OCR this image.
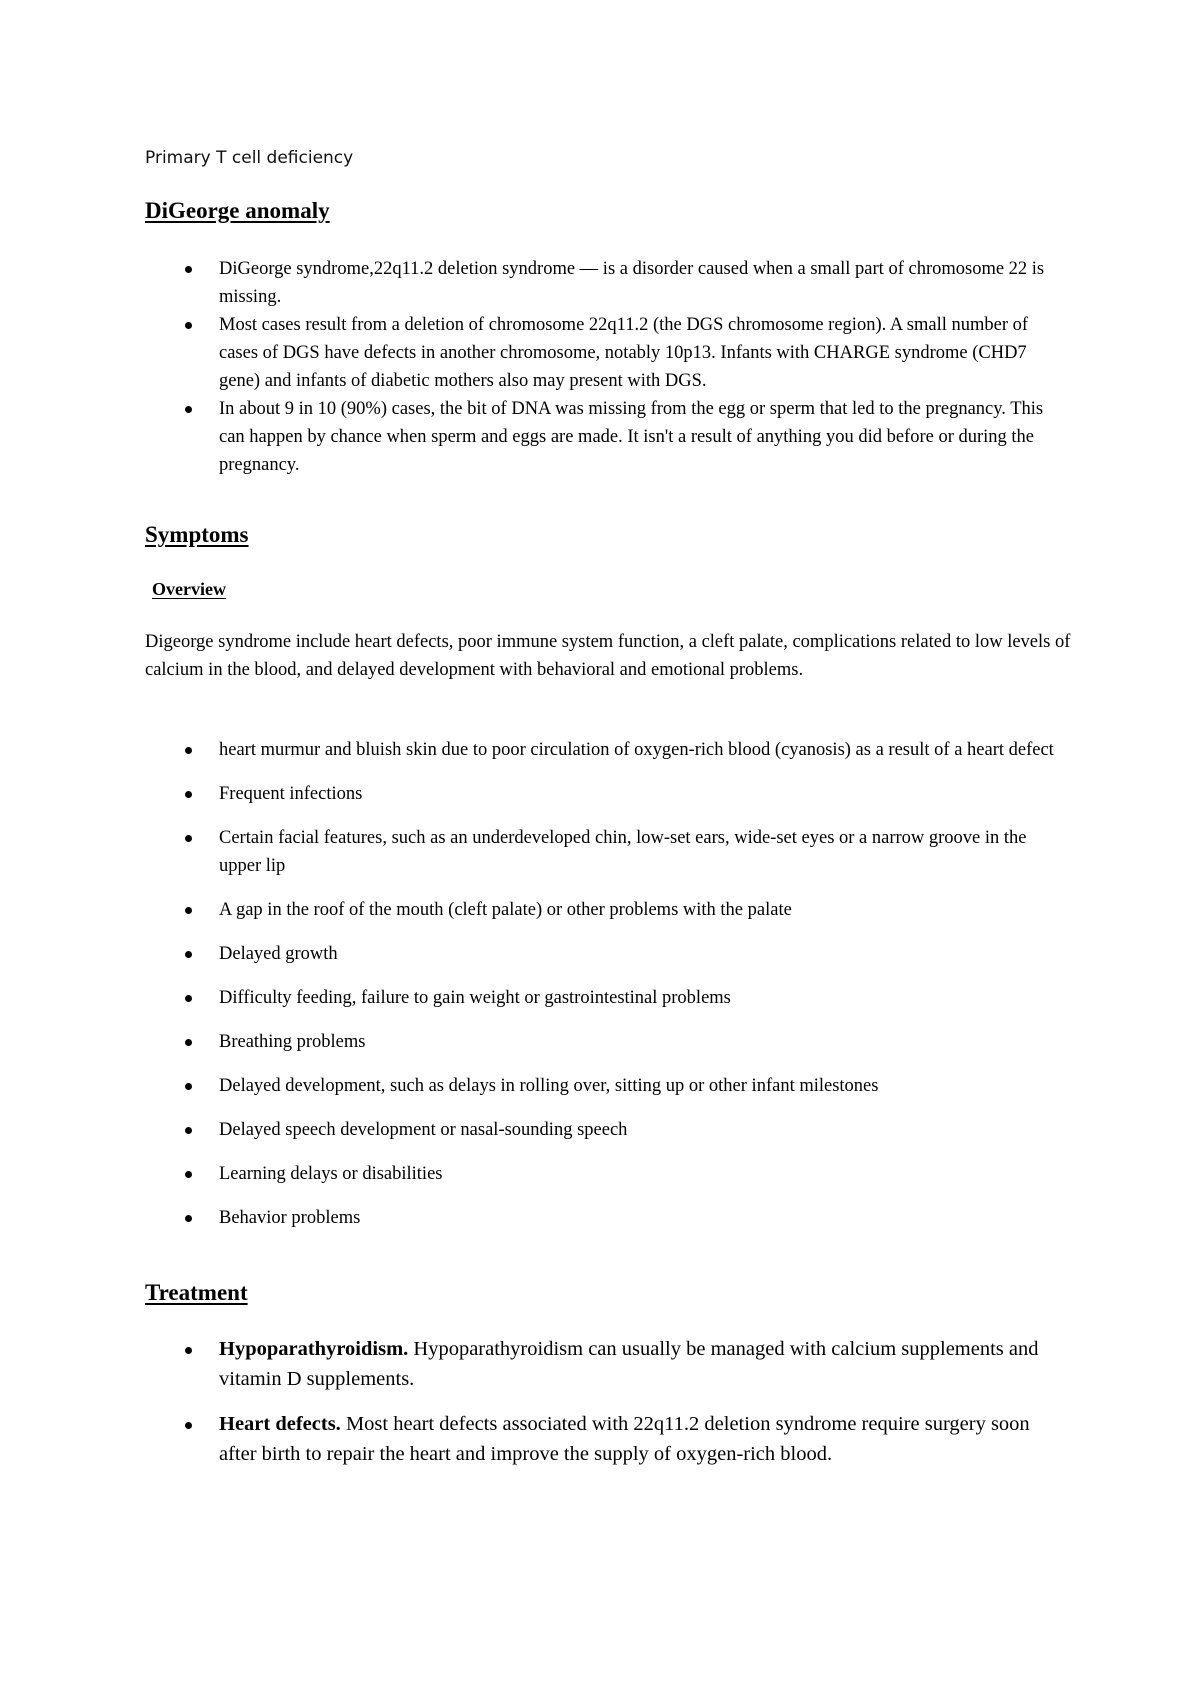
Primary T cell deficiency

DiGeorge anomaly
DiGeorge syndrome,22q11.2 deletion syndrome — is a disorder caused when a small part of chromosome 22 is missing.
Most cases result from a deletion of chromosome 22q11.2 (the DGS chromosome region). A small number of cases of DGS have defects in another chromosome, notably 10p13. Infants with CHARGE syndrome (CHD7 gene) and infants of diabetic mothers also may present with DGS.
In about 9 in 10 (90%) cases, the bit of DNA was missing from the egg or sperm that led to the pregnancy. This can happen by chance when sperm and eggs are made. It isn't a result of anything you did before or during the pregnancy.
Symptoms
Overview

Digeorge syndrome include heart defects, poor immune system function, a cleft palate, complications related to low levels of calcium in the blood, and delayed development with behavioral and emotional problems.

heart murmur and bluish skin due to poor circulation of oxygen-rich blood (cyanosis) as a result of a heart defect
Frequent infections
Certain facial features, such as an underdeveloped chin, low-set ears, wide-set eyes or a narrow groove in the upper lip
A gap in the roof of the mouth (cleft palate) or other problems with the palate
Delayed growth
Difficulty feeding, failure to gain weight or gastrointestinal problems
Breathing problems
Delayed development, such as delays in rolling over, sitting up or other infant milestones
Delayed speech development or nasal-sounding speech
Learning delays or disabilities
Behavior problems
Treatment
Hypoparathyroidism. Hypoparathyroidism can usually be managed with calcium supplements and vitamin D supplements.
Heart defects. Most heart defects associated with 22q11.2 deletion syndrome require surgery soon after birth to repair the heart and improve the supply of oxygen-rich blood.
